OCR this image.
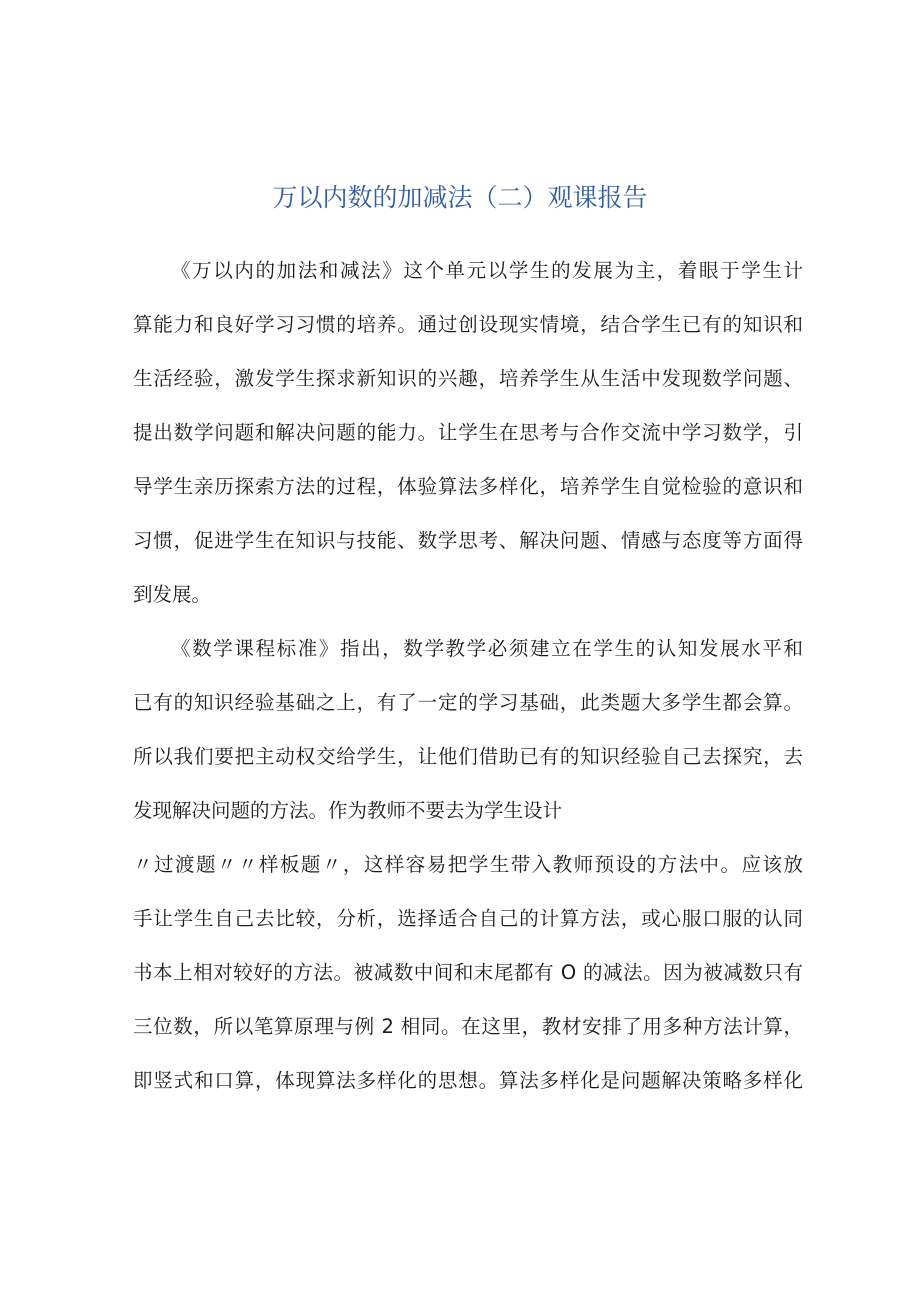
万以内数的加减法（二）观课报告

《万以内的加法和减法》这个单元以学生的发展为主，着眼于学生计

算能力和良好学习习惯的培养。通过创设现实情境，结合学生已有的知识和

生活经验，激发学生探求新知识的兴趣，培养学生从生活中发现数学问题、

提出数学问题和解决问题的能力。让学生在思考与合作交流中学习数学，引

导学生亲历探索方法的过程，体验算法多样化，培养学生自觉检验的意识和

习惯，促进学生在知识与技能、数学思考、解决问题、情感与态度等方面得

到发展。

《数学课程标准》指出，数学教学必须建立在学生的认知发展水平和

已有的知识经验基础之上，有了一定的学习基础，此类题大多学生都会算。

所以我们要把主动权交给学生，让他们借助已有的知识经验自己去探究，去

发现解决问题的方法。作为教师不要去为学生设计

〃过渡题〃〃样板题〃，这样容易把学生带入教师预设的方法中。应该放

手让学生自己去比较，分析，选择适合自己的计算方法，或心服口服的认同

书本上相对较好的方法。被减数中间和末尾都有 O 的减法。因为被减数只有

三位数，所以笔算原理与例 2 相同。在这里，教材安排了用多种方法计算，

即竖式和口算，体现算法多样化的思想。算法多样化是问题解决策略多样化
